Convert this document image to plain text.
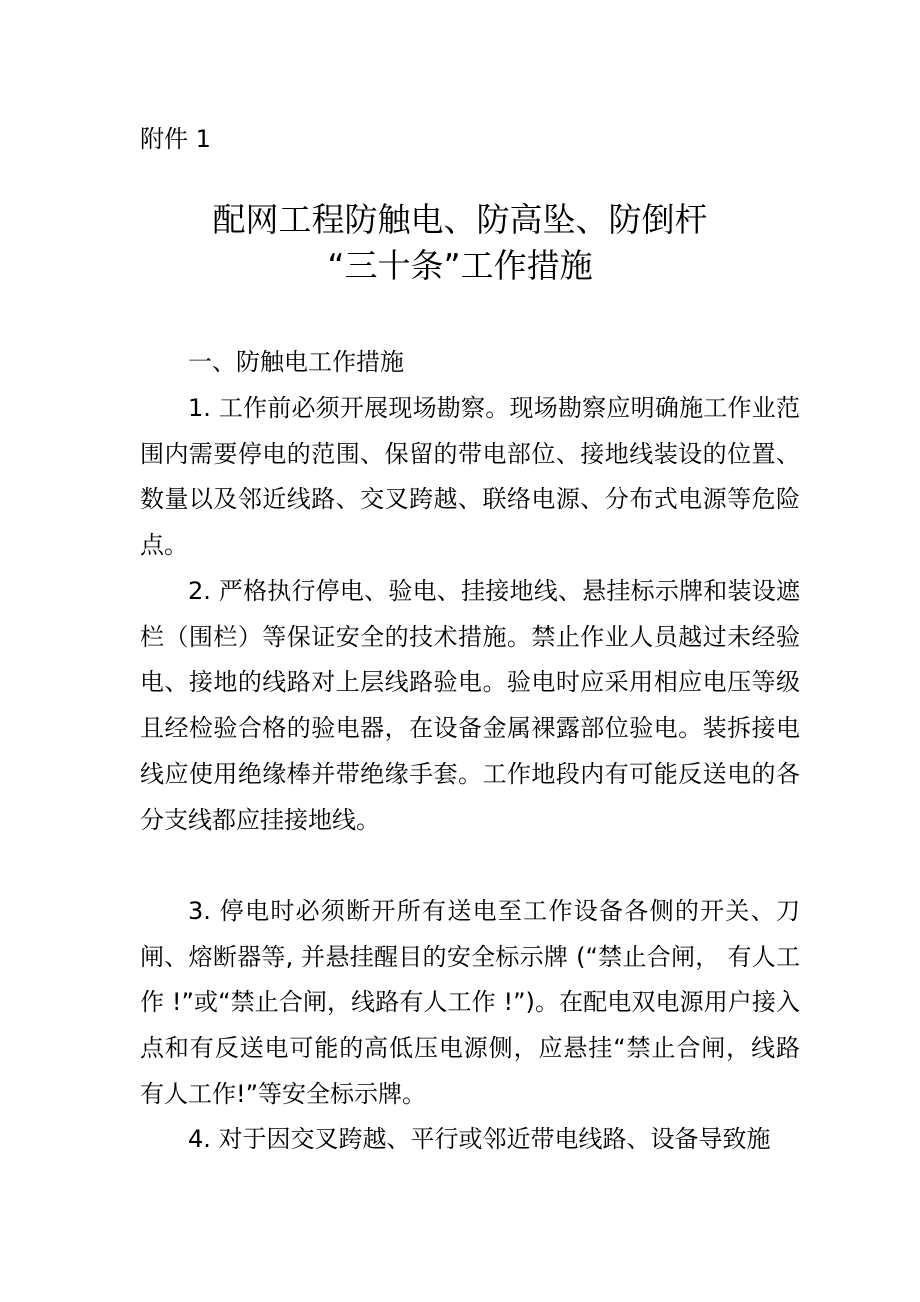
附件 1
配网工程防触电、防高坠、防倒杆
“三十条”工作措施
一、防触电工作措施

1. 工作前必须开展现场勘察。现场勘察应明确施工作业范围内需要停电的范围、保留的带电部位、接地线装设的位置、数量以及邻近线路、交叉跨越、联络电源、分布式电源等危险点。

2. 严格执行停电、验电、挂接地线、悬挂标示牌和装设遮栏（围栏）等保证安全的技术措施。禁止作业人员越过未经验电、接地的线路对上层线路验电。验电时应采用相应电压等级且经检验合格的验电器，在设备金属裸露部位验电。装拆接电线应使用绝缘棒并带绝缘手套。工作地段内有可能反送电的各分支线都应挂接地线。

3. 停电时必须断开所有送电至工作设备各侧的开关、刀闸、熔断器等, 并悬挂醒目的安全标示牌 (“禁止合闸， 有人工作 !”或“禁止合闸，线路有人工作 !”)。在配电双电源用户接入点和有反送电可能的高低压电源侧，应悬挂“禁止合闸，线路有人工作!”等安全标示牌。

4. 对于因交叉跨越、平行或邻近带电线路、设备导致施
